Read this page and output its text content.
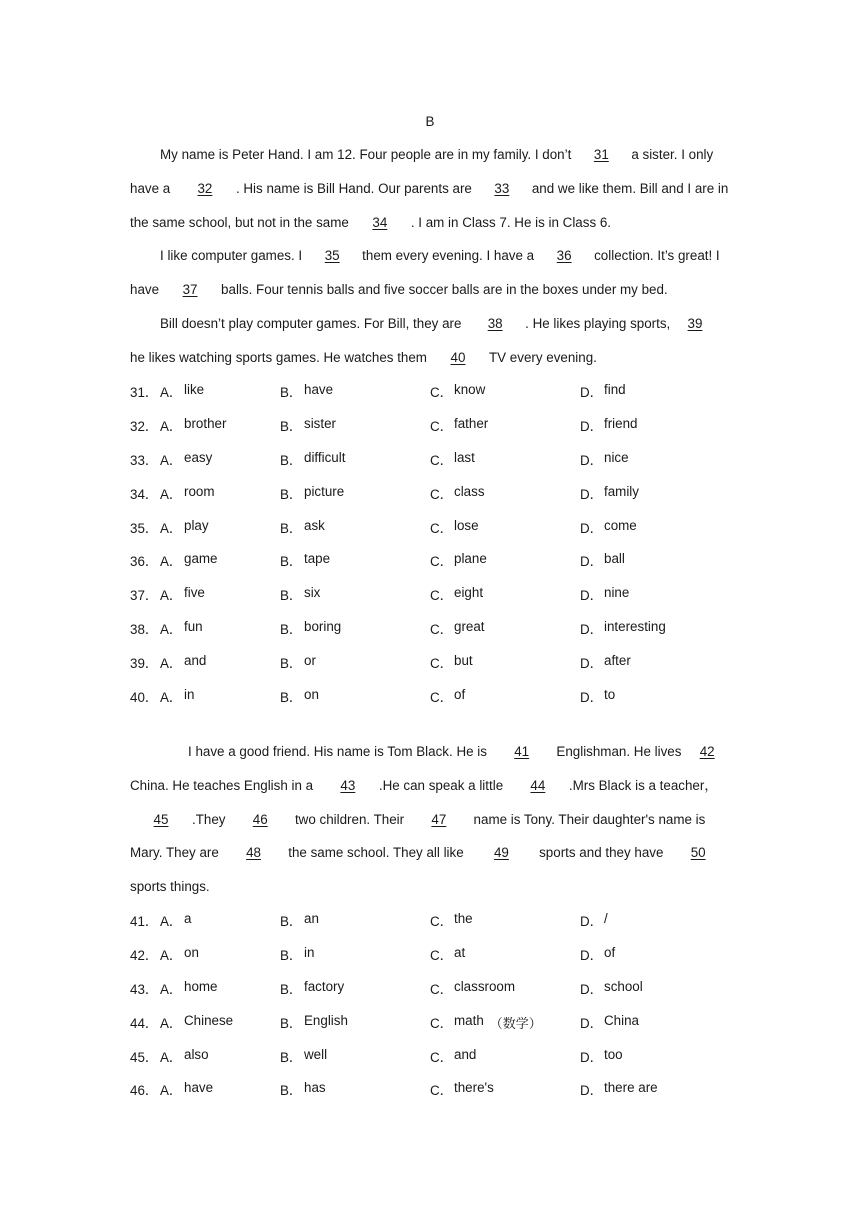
B

My name is Peter Hand. I am 12. Four people are in my family. I don’t 31 a sister. I only have a 32 . His name is Bill Hand. Our parents are 33 and we like them. Bill and I are in the same school, but not in the same 34 . I am in Class 7. He is in Class 6.

I like computer games. I 35 them every evening. I have a 36 collection. It’s great! I have 37 balls. Four tennis balls and five soccer balls are in the boxes under my bed.

Bill doesn’t play computer games. For Bill, they are 38 . He likes playing sports, 39he likes watching sports games. He watches them 40 TV every evening.

31． A． like	B． have	C． know	D． find
32． A． brother	B． sister	C． father	D． friend
33． A． easy	B． difficult	C． last	D． nice
34． A． room	B． picture	C． class	D． family
35． A． play	B． ask	C． lose	D． come
36． A． game	B． tape	C． plane	D． ball
37． A． five	B． six	C． eight	D． nine
38． A． fun	B． boring	C． great	D． interesting
39． A． and	B． or	C． but	D． after
40． A． in	B． on	C． of	D． to

I have a good friend. His name is Tom Black. He is 41 Englishman. He lives 42 China. He teaches English in a 43 .He can speak a little 44 .Mrs Black is a teacher，45 .They 46 two children. Their 47 name is Tony. Their daughter's name is Mary. They are 48 the same school. They all like 49 sports and they have 50 sports things.

41． A． a	B． an	C． the	D． /
42． A． on	B． in	C． at	D． of
43． A． home	B． factory	C． classroom	D． school
44． A． Chinese	B． English	C． math （数学）	D． China
45． A． also	B． well	C． and	D． too
46． A． have	B． has	C． there's	D． there are
